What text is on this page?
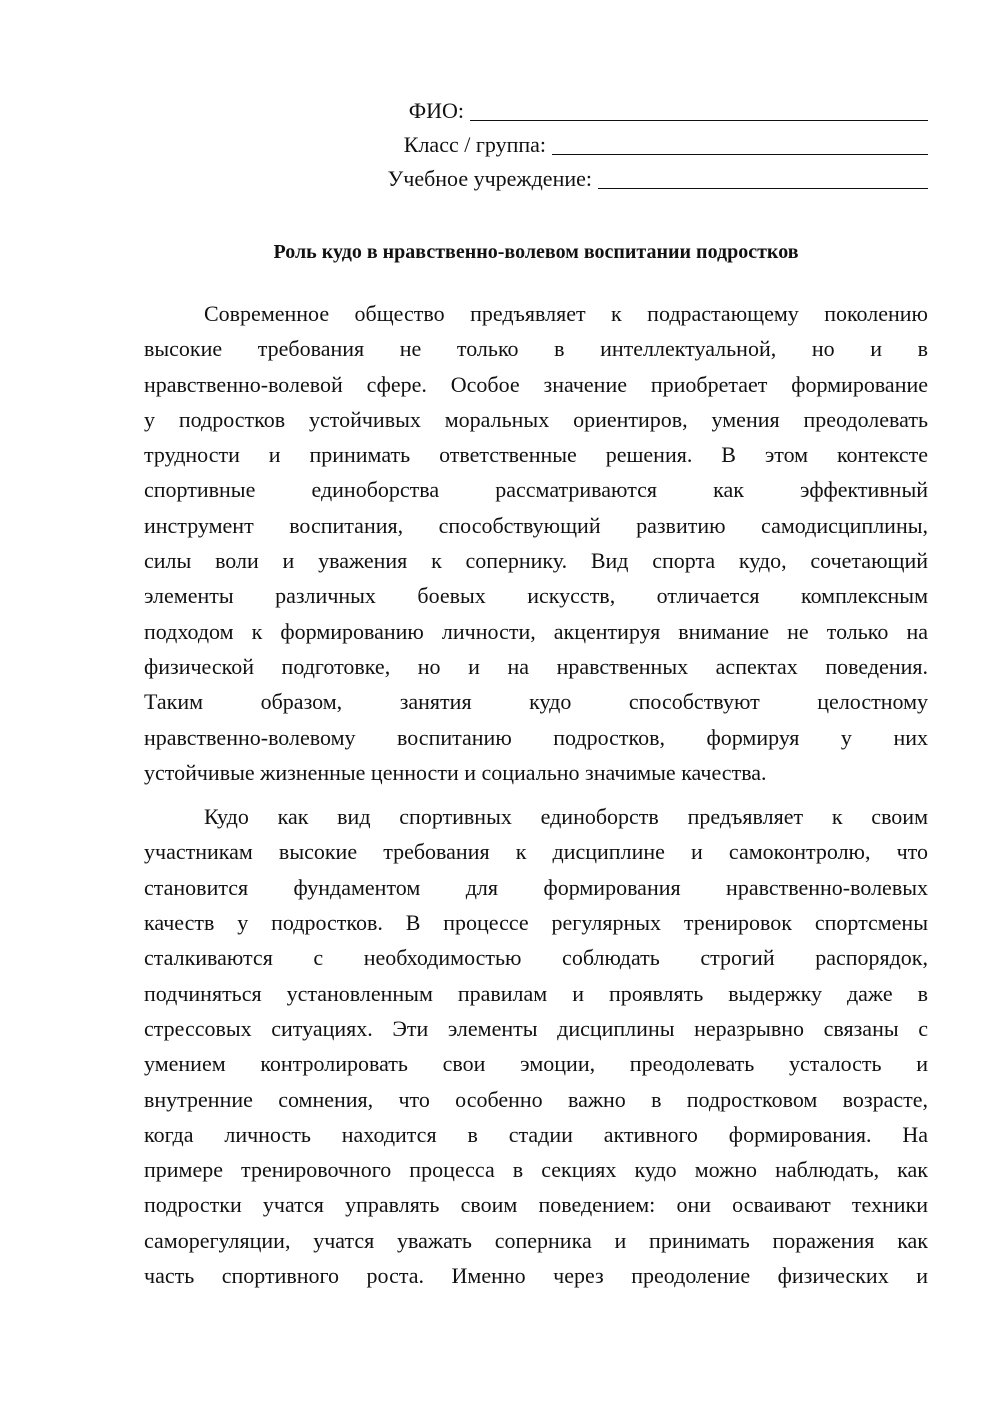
ФИО:
Класс / группа:
Учебное учреждение:
Роль кудо в нравственно-волевом воспитании подростков
Современное общество предъявляет к подрастающему поколению
высокие требования не только в интеллектуальной, но и в
нравственно-волевой сфере. Особое значение приобретает формирование
у подростков устойчивых моральных ориентиров, умения преодолевать
трудности и принимать ответственные решения. В этом контексте
спортивные единоборства рассматриваются как эффективный
инструмент воспитания, способствующий развитию самодисциплины,
силы воли и уважения к сопернику. Вид спорта кудо, сочетающий
элементы различных боевых искусств, отличается комплексным
подходом к формированию личности, акцентируя внимание не только на
физической подготовке, но и на нравственных аспектах поведения.
Таким образом, занятия кудо способствуют целостному
нравственно-волевому воспитанию подростков, формируя у них
устойчивые жизненные ценности и социально значимые качества.
Кудо как вид спортивных единоборств предъявляет к своим
участникам высокие требования к дисциплине и самоконтролю, что
становится фундаментом для формирования нравственно-волевых
качеств у подростков. В процессе регулярных тренировок спортсмены
сталкиваются с необходимостью соблюдать строгий распорядок,
подчиняться установленным правилам и проявлять выдержку даже в
стрессовых ситуациях. Эти элементы дисциплины неразрывно связаны с
умением контролировать свои эмоции, преодолевать усталость и
внутренние сомнения, что особенно важно в подростковом возрасте,
когда личность находится в стадии активного формирования. На
примере тренировочного процесса в секциях кудо можно наблюдать, как
подростки учатся управлять своим поведением: они осваивают техники
саморегуляции, учатся уважать соперника и принимать поражения как
часть спортивного роста. Именно через преодоление физических и
